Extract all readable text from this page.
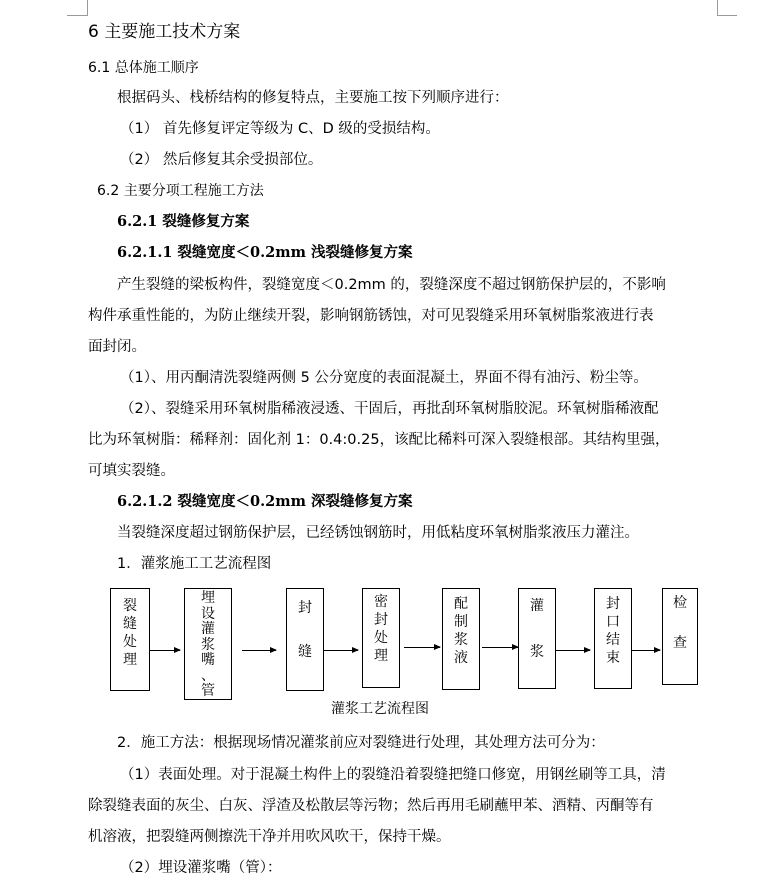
6 主要施工技术方案
6.1 总体施工顺序
根据码头、栈桥结构的修复特点，主要施工按下列顺序进行：
（1） 首先修复评定等级为 C、D 级的受损结构。
（2） 然后修复其余受损部位。
6.2 主要分项工程施工方法
6.2.1 裂缝修复方案
6.2.1.1 裂缝宽度＜0.2mm 浅裂缝修复方案
产生裂缝的梁板构件，裂缝宽度＜0.2mm 的，裂缝深度不超过钢筋保护层的，不影响
构件承重性能的，为防止继续开裂，影响钢筋锈蚀，对可见裂缝采用环氧树脂浆液进行表
面封闭。
（1）、用丙酮清洗裂缝两侧 5 公分宽度的表面混凝土，界面不得有油污、粉尘等。
（2）、裂缝采用环氧树脂稀液浸透、干固后，再批刮环氧树脂胶泥。环氧树脂稀液配
比为环氧树脂：稀释剂：固化剂 1：0.4:0.25，该配比稀料可深入裂缝根部。其结构里强，
可填实裂缝。
6.2.1.2 裂缝宽度＜0.2mm 深裂缝修复方案
当裂缝深度超过钢筋保护层，已经锈蚀钢筋时，用低粘度环氧树脂浆液压力灌注。
1．灌浆施工工艺流程图
裂
缝
处
理
埋
设
灌
浆
嘴
、
管
封

缝
密
封
处
理
配
制
浆
液
灌

浆
封
口
结
束
检

查
灌浆工艺流程图
2．施工方法：根据现场情况灌浆前应对裂缝进行处理，其处理方法可分为：
（1）表面处理。对于混凝土构件上的裂缝沿着裂缝把缝口修宽，用钢丝刷等工具，清
除裂缝表面的灰尘、白灰、浮渣及松散层等污物；然后再用毛刷蘸甲苯、酒精、丙酮等有
机溶液，把裂缝两侧擦洗干净并用吹风吹干，保持干燥。
（2）埋设灌浆嘴（管）：
